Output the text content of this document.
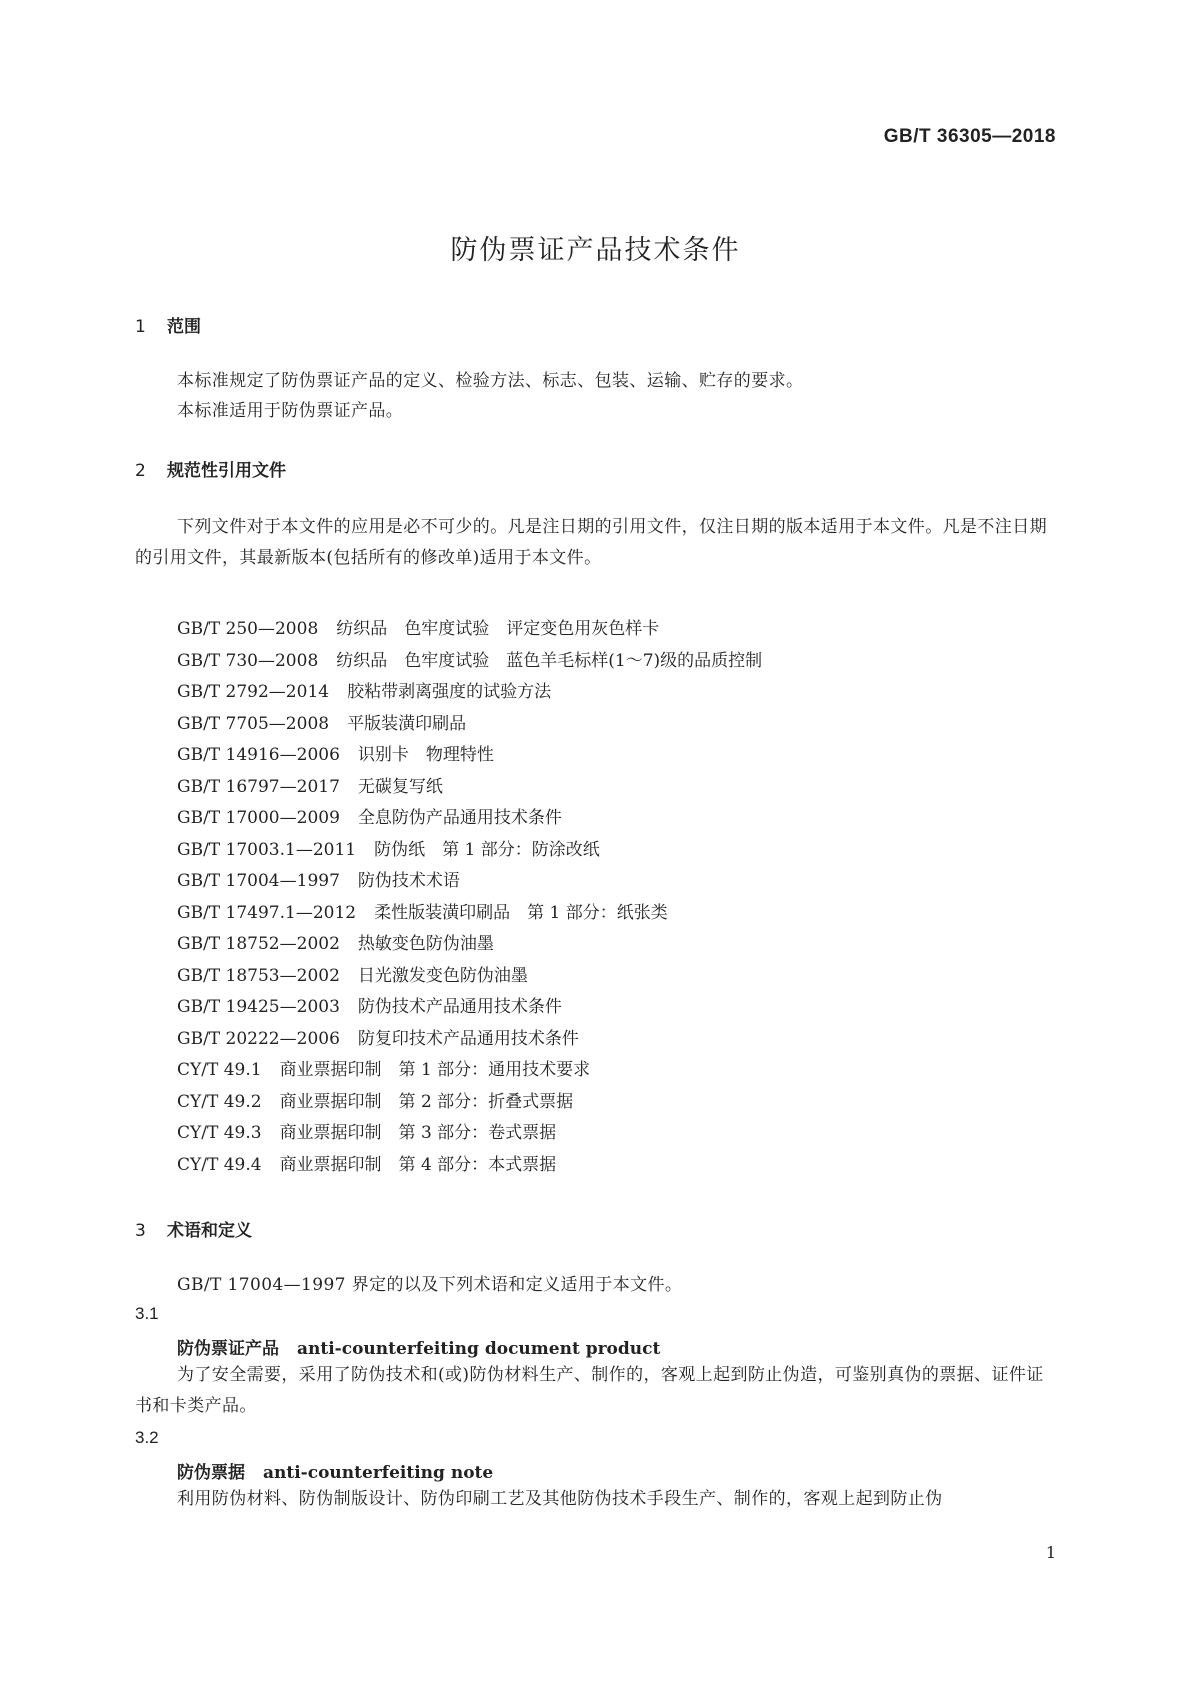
GB/T 36305—2018
防伪票证产品技术条件
1 范围
本标准规定了防伪票证产品的定义、检验方法、标志、包装、运输、贮存的要求。
本标准适用于防伪票证产品。
2 规范性引用文件
下列文件对于本文件的应用是必不可少的。凡是注日期的引用文件，仅注日期的版本适用于本文件。凡是不注日期的引用文件，其最新版本(包括所有的修改单)适用于本文件。
GB/T 250—2008 纺织品　色牢度试验　评定变色用灰色样卡
GB/T 730—2008 纺织品　色牢度试验　蓝色羊毛标样(1～7)级的品质控制
GB/T 2792—2014 胶粘带剥离强度的试验方法
GB/T 7705—2008 平版装潢印刷品
GB/T 14916—2006 识别卡　物理特性
GB/T 16797—2017 无碳复写纸
GB/T 17000—2009 全息防伪产品通用技术条件
GB/T 17003.1—2011 防伪纸　第 1 部分：防涂改纸
GB/T 17004—1997 防伪技术术语
GB/T 17497.1—2012 柔性版装潢印刷品　第 1 部分：纸张类
GB/T 18752—2002 热敏变色防伪油墨
GB/T 18753—2002 日光激发变色防伪油墨
GB/T 19425—2003 防伪技术产品通用技术条件
GB/T 20222—2006 防复印技术产品通用技术条件
CY/T 49.1 商业票据印制　第 1 部分：通用技术要求
CY/T 49.2 商业票据印制　第 2 部分：折叠式票据
CY/T 49.3 商业票据印制　第 3 部分：卷式票据
CY/T 49.4 商业票据印制　第 4 部分：本式票据
3 术语和定义
GB/T 17004—1997 界定的以及下列术语和定义适用于本文件。
3.1
防伪票证产品 anti-counterfeiting document product
为了安全需要，采用了防伪技术和(或)防伪材料生产、制作的，客观上起到防止伪造，可鉴别真伪的票据、证件证书和卡类产品。
3.2
防伪票据 anti-counterfeiting note
利用防伪材料、防伪制版设计、防伪印刷工艺及其他防伪技术手段生产、制作的，客观上起到防止伪
1
